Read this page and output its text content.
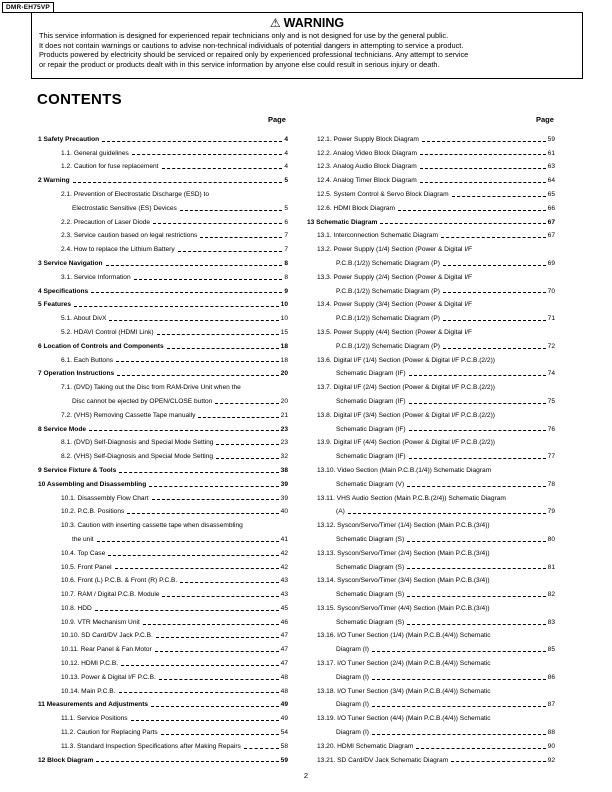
DMR-EH75VP
⚠ WARNING
This service information is designed for experienced repair technicians only and is not designed for use by the general public.
It does not contain warnings or cautions to advise non-technical individuals of potential dangers in attempting to service a product.
Products powered by electricity should be serviced or repaired only by experienced professional technicians. Any attempt to service
or repair the product or products dealt with in this service information by anyone else could result in serious injury or death.
CONTENTS
Page	Page
1 Safety Precaution	4
1.1. General guidelines	4
1.2. Caution for fuse replacement	4
2 Warning	5
2.1. Prevention of Electrostatic Discharge (ESD) to
Electrostatic Sensitive (ES) Devices	5
2.2. Precaution of Laser Diode	6
2.3. Service caution based on legal restrictions	7
2.4. How to replace the Lithium Battery	7
3 Service Navigation	8
3.1. Service Information	8
4 Specifications	9
5 Features	10
5.1. About DivX	10
5.2. HDAVI Control (HDMI Link)	15
6 Location of Controls and Components	18
6.1. Each Buttons	18
7 Operation Instructions	20
7.1. (DVD) Taking out the Disc from RAM-Drive Unit when the
Disc cannot be ejected by OPEN/CLOSE button	20
7.2. (VHS) Removing Cassette Tape manually	21
8 Service Mode	23
8.1. (DVD) Self-Diagnosis and Special Mode Setting	23
8.2. (VHS) Self-Diagnosis and Special Mode Setting	32
9 Service Fixture & Tools	38
10 Assembling and Disassembling	39
10.1. Disassembly Flow Chart	39
10.2. P.C.B. Positions	40
10.3. Caution with inserting cassette tape when disassembling
the unit	41
10.4. Top Case	42
10.5. Front Panel	42
10.6. Front (L) P.C.B. & Front (R) P.C.B.	43
10.7. RAM / Digital P.C.B. Module	43
10.8. HDD	45
10.9. VTR Mechanism Unit	46
10.10. SD Card/DV Jack P.C.B.	47
10.11. Rear Panel & Fan Motor	47
10.12. HDMI P.C.B.	47
10.13. Power & Digital I/F P.C.B.	48
10.14. Main P.C.B.	48
11 Measurements and Adjustments	49
11.1. Service Positions	49
11.2. Caution for Replacing Parts	54
11.3. Standard Inspection Specifications after Making Repairs	58
12 Block Diagram	59
12.1. Power Supply Block Diagram	59
12.2. Analog Video Block Diagram	61
12.3. Analog Audio Block Diagram	63
12.4. Analog Timer Block Diagram	64
12.5. System Control & Servo Block Diagram	65
12.6. HDMI Block Diagram	66
13 Schematic Diagram	67
13.1. Interconnection Schematic Diagram	67
13.2. Power Supply (1/4) Section (Power & Digital I/F
P.C.B.(1/2)) Schematic Diagram (P)	69
13.3. Power Supply (2/4) Section (Power & Digital I/F
P.C.B.(1/2)) Schematic Diagram (P)	70
13.4. Power Supply (3/4) Section (Power & Digital I/F
P.C.B.(1/2)) Schematic Diagram (P)	71
13.5. Power Supply (4/4) Section (Power & Digital I/F
P.C.B.(1/2)) Schematic Diagram (P)	72
13.6. Digital I/F (1/4) Section (Power & Digital I/F P.C.B.(2/2))
Schematic Diagram (IF)	74
13.7. Digital I/F (2/4) Section (Power & Digital I/F P.C.B.(2/2))
Schematic Diagram (IF)	75
13.8. Digital I/F (3/4) Section (Power & Digital I/F P.C.B.(2/2))
Schematic Diagram (IF)	76
13.9. Digital I/F (4/4) Section (Power & Digital I/F P.C.B.(2/2))
Schematic Diagram (IF)	77
13.10. Video Section (Main P.C.B.(1/4)) Schematic Diagram
Schematic Diagram (V)	78
13.11. VHS Audio Section (Main P.C.B.(2/4)) Schematic Diagram
(A)	79
13.12. Syscon/Servo/Timer (1/4) Section (Main P.C.B.(3/4))
Schematic Diagram (S)	80
13.13. Syscon/Servo/Timer (2/4) Section (Main P.C.B.(3/4))
Schematic Diagram (S)	81
13.14. Syscon/Servo/Timer (3/4) Section (Main P.C.B.(3/4))
Schematic Diagram (S)	82
13.15. Syscon/Servo/Timer (4/4) Section (Main P.C.B.(3/4))
Schematic Diagram (S)	83
13.16. I/O Tuner Section (1/4) (Main P.C.B.(4/4)) Schematic
Diagram (I)	85
13.17. I/O Tuner Section (2/4) (Main P.C.B.(4/4)) Schematic
Diagram (I)	86
13.18. I/O Tuner Section (3/4) (Main P.C.B.(4/4)) Schematic
Diagram (I)	87
13.19. I/O Tuner Section (4/4) (Main P.C.B.(4/4)) Schematic
Diagram (I)	88
13.20. HDMI Schematic Diagram	90
13.21. SD Card/DV Jack Schematic Diagram	92
2
